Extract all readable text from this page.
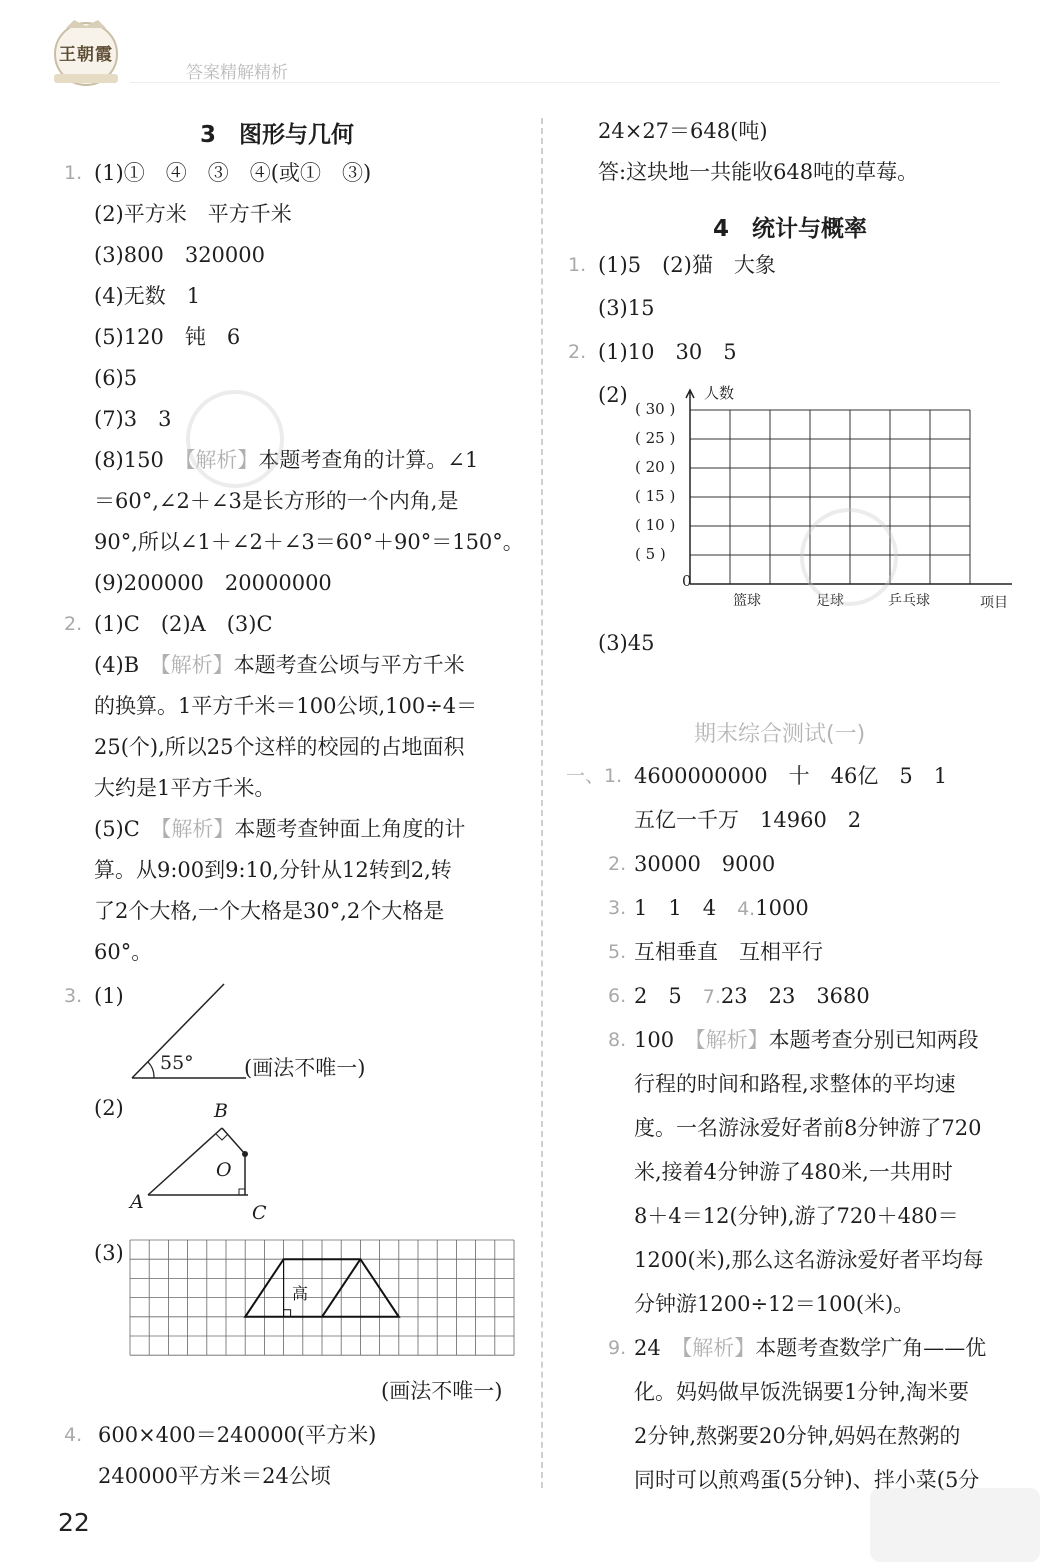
王朝霞
答案精解精析
3　图形与几何
1. (1)①　④　③　④(或①　③)
(2)平方米　平方千米
(3)800　320000
(4)无数　1
(5)120　钝　6
(6)5
(7)3　3
(8)150　【解析】本题考查角的计算。∠1
＝60°,∠2＋∠3是长方形的一个内角,是
90°,所以∠1＋∠2＋∠3＝60°＋90°＝150°。
(9)200000　20000000
2. (1)C　(2)A　(3)C
(4)B　【解析】本题考查公顷与平方千米
的换算。1平方千米＝100公顷,100÷4＝
25(个),所以25个这样的校园的占地面积
大约是1平方千米。
(5)C　【解析】本题考查钟面上角度的计
算。从9:00到9:10,分针从12转到2,转
了2个大格,一个大格是30°,2个大格是
60°。
3. (1)
55° (画法不唯一)
(2)	B
O
A	C
(3)
高
(画法不唯一)
4. 600×400＝240000(平方米)
240000平方米＝24公顷
24×27＝648(吨)
答:这块地一共能收648吨的草莓。
4　统计与概率
1. (1)5　(2)猫　大象
(3)15
2. (1)10　30　5
(2)	人数
项目
0
( 30 )
( 25 )
( 20 )
( 15 )
( 10 )
( 5 )
篮球	足球	乒乓球
(3)45
期末综合测试(一)
一、1. 4600000000　十　46亿　5　1
五亿一千万　14960　2
2. 30000　9000
3. 1　1　4　4.1000
5. 互相垂直　互相平行
6. 2　5　7.23　23　3680
8. 100　【解析】本题考查分别已知两段
行程的时间和路程,求整体的平均速
度。一名游泳爱好者前8分钟游了720
米,接着4分钟游了480米,一共用时
8＋4＝12(分钟),游了720＋480＝
1200(米),那么这名游泳爱好者平均每
分钟游1200÷12＝100(米)。
9. 24　【解析】本题考查数学广角——优
化。妈妈做早饭洗锅要1分钟,淘米要
2分钟,熬粥要20分钟,妈妈在熬粥的
同时可以煎鸡蛋(5分钟)、拌小菜(5分
22
